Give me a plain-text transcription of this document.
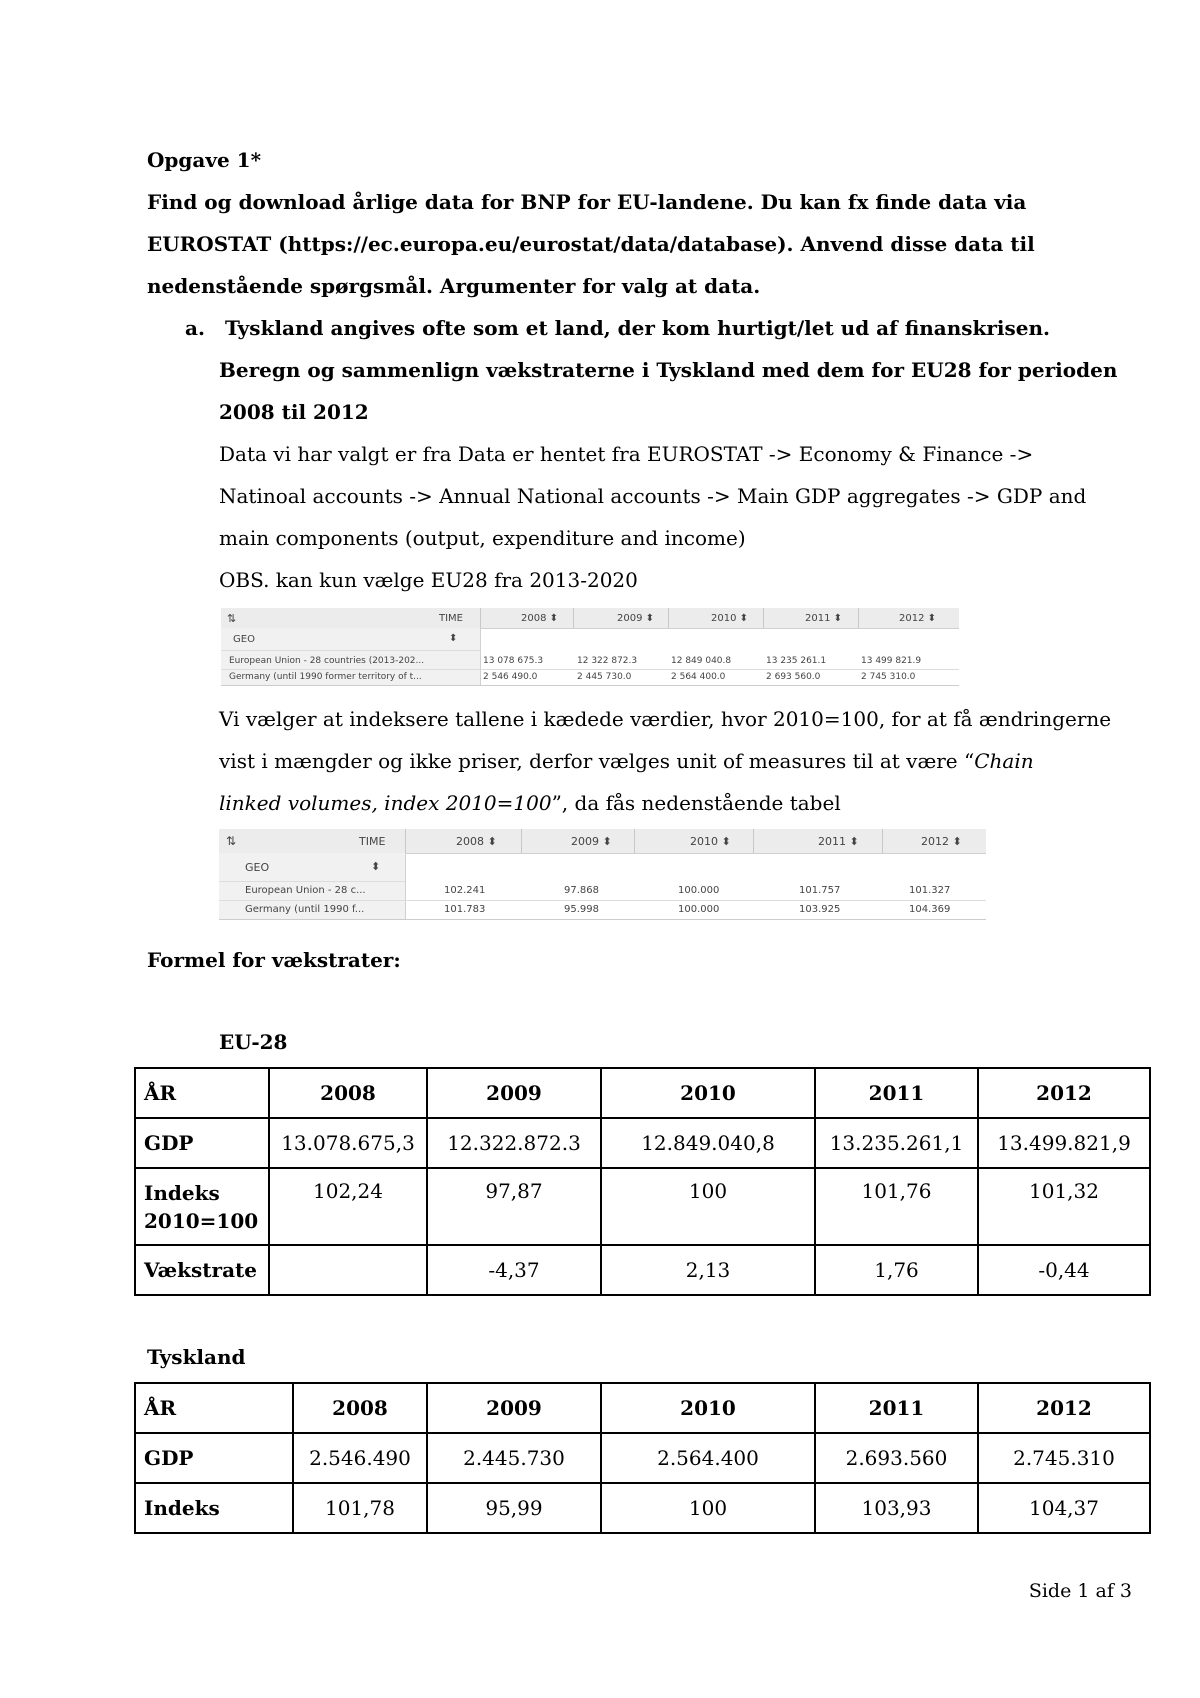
Opgave 1*
Find og download årlige data for BNP for EU-landene. Du kan fx finde data via
EUROSTAT (https://ec.europa.eu/eurostat/data/database). Anvend disse data til
nedenstående spørgsmål. Argumenter for valg at data.
a. Tyskland angives ofte som et land, der kom hurtigt/let ud af finanskrisen.
Beregn og sammenlign vækstraterne i Tyskland med dem for EU28 for perioden
2008 til 2012
Data vi har valgt er fra Data er hentet fra EUROSTAT -> Economy & Finance ->
Natinoal accounts -> Annual National accounts -> Main GDP aggregates -> GDP and
main components (output, expenditure and income)
OBS. kan kun vælge EU28 fra 2013-2020
⇅	TIME	2008 ⬍	2009 ⬍	2010 ⬍	2011 ⬍	2012 ⬍
GEO	⬍
European Union - 28 countries (2013-202...	13 078 675.3	12 322 872.3	12 849 040.8	13 235 261.1	13 499 821.9
Germany (until 1990 former territory of t...	2 546 490.0	2 445 730.0	2 564 400.0	2 693 560.0	2 745 310.0
Vi vælger at indeksere tallene i kædede værdier, hvor 2010=100, for at få ændringerne
vist i mængder og ikke priser, derfor vælges unit of measures til at være “Chain
linked volumes, index 2010=100”, da fås nedenstående tabel
⇅	TIME	2008 ⬍	2009 ⬍	2010 ⬍	2011 ⬍	2012 ⬍
GEO	⬍
European Union - 28 c...	102.241	97.868	100.000	101.757	101.327
Germany (until 1990 f...	101.783	95.998	100.000	103.925	104.369
Formel for vækstrater:
EU-28
ÅR	2008	2009	2010	2011	2012
GDP	13.078.675,3	12.322.872.3	12.849.040,8	13.235.261,1	13.499.821,9
Indeks 2010=100	102,24	97,87	100	101,76	101,32
Vækstrate		-4,37	2,13	1,76	-0,44
Tyskland
ÅR	2008	2009	2010	2011	2012
GDP	2.546.490	2.445.730	2.564.400	2.693.560	2.745.310
Indeks	101,78	95,99	100	103,93	104,37
Side 1 af 3
